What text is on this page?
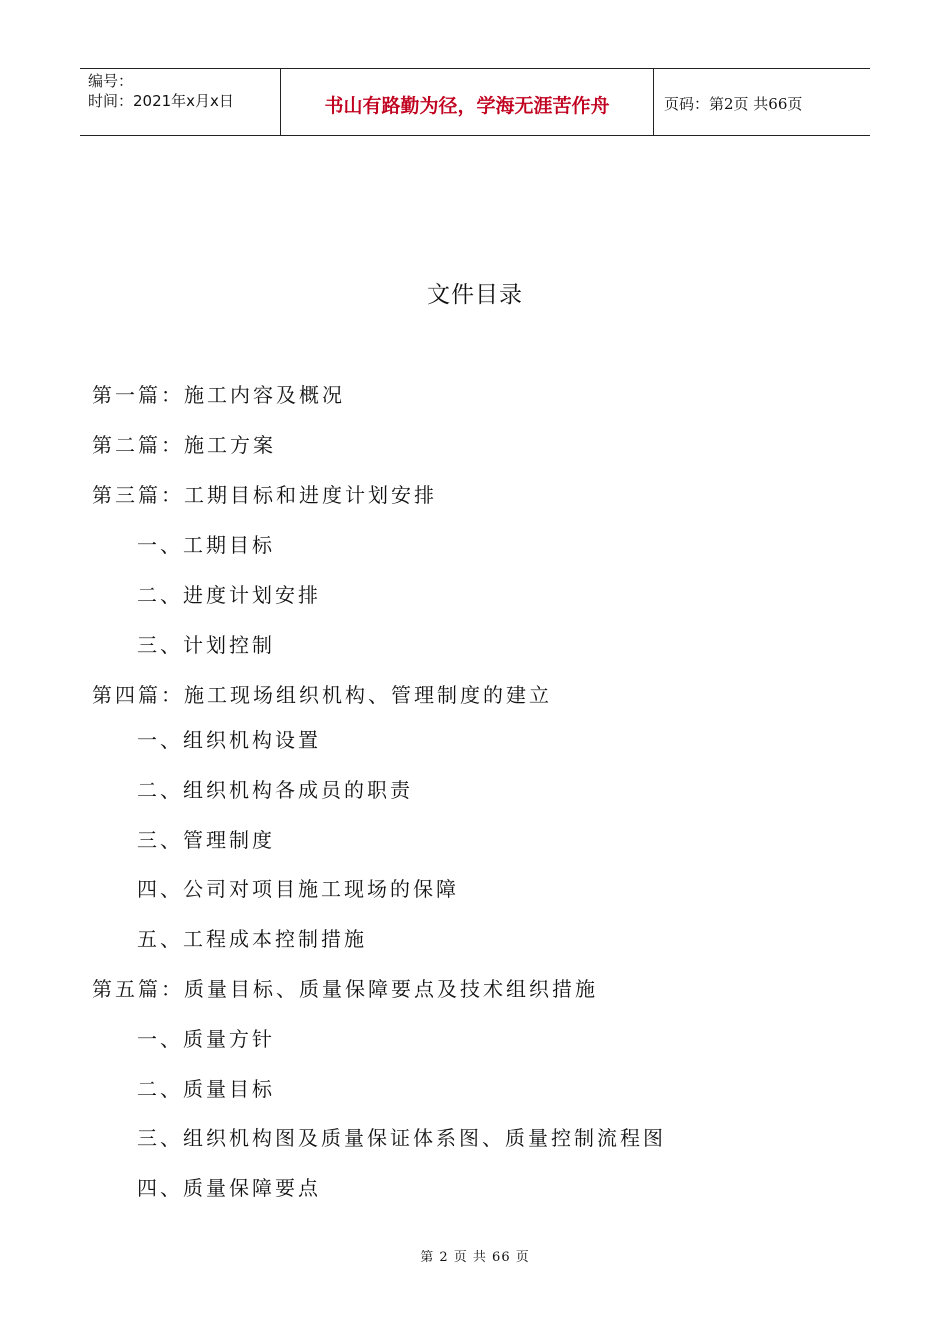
编号：
时间：2021年x月x日	书山有路勤为径，学海无涯苦作舟	页码：第2页 共66页
文件目录
第一篇：施工内容及概况
第二篇：施工方案
第三篇：工期目标和进度计划安排
一、工期目标
二、进度计划安排
三、计划控制
第四篇：施工现场组织机构、管理制度的建立
一、组织机构设置
二、组织机构各成员的职责
三、管理制度
四、公司对项目施工现场的保障
五、工程成本控制措施
第五篇：质量目标、质量保障要点及技术组织措施
一、质量方针
二、质量目标
三、组织机构图及质量保证体系图、质量控制流程图
四、质量保障要点
第 2 页 共 66 页
